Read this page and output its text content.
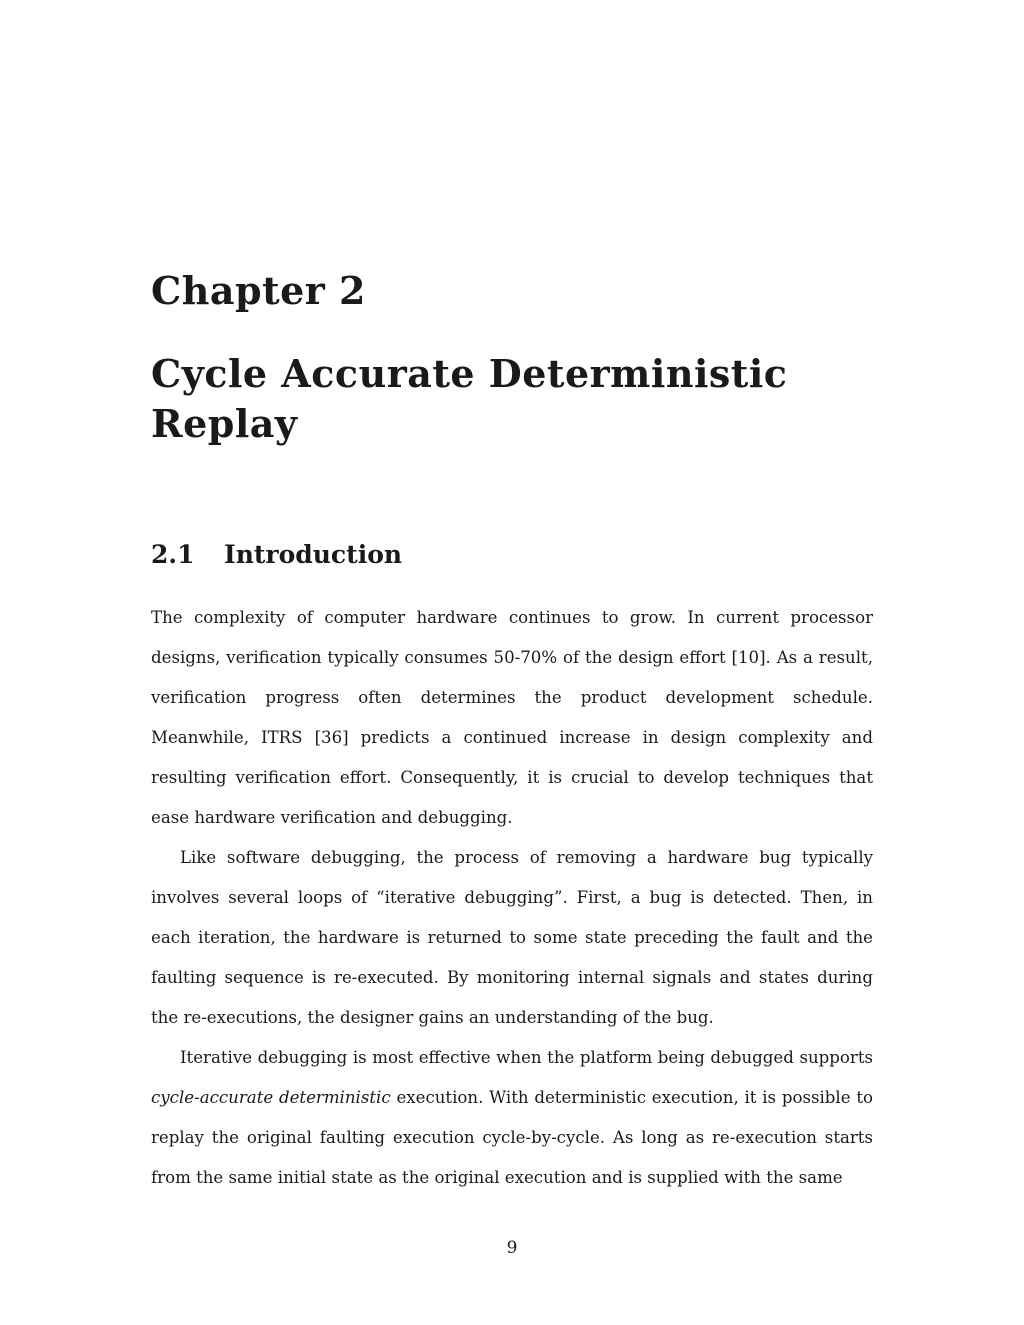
Chapter 2
Cycle Accurate Deterministic Replay
2.1 Introduction

The complexity of computer hardware continues to grow. In current processor designs, verification typically consumes 50-70% of the design effort [10]. As a result, verification progress often determines the product development schedule. Meanwhile, ITRS [36] predicts a continued increase in design complexity and resulting verification effort. Consequently, it is crucial to develop techniques that ease hardware verification and debugging.

Like software debugging, the process of removing a hardware bug typically involves several loops of “iterative debugging”. First, a bug is detected. Then, in each iteration, the hardware is returned to some state preceding the fault and the faulting sequence is re-executed. By monitoring internal signals and states during the re-executions, the designer gains an understanding of the bug.

Iterative debugging is most effective when the platform being debugged supports cycle-accurate deterministic execution. With deterministic execution, it is possible to replay the original faulting execution cycle-by-cycle. As long as re-execution starts from the same initial state as the original execution and is supplied with the same

9
